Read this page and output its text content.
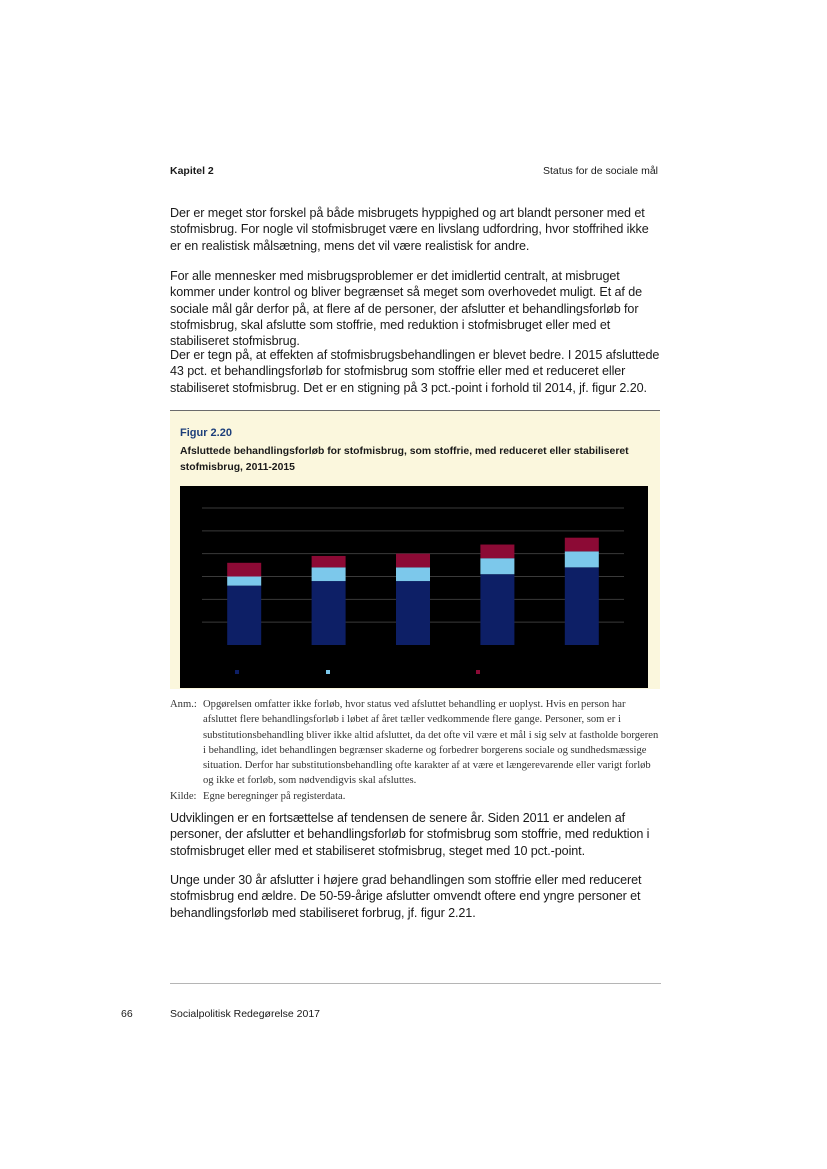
Kapitel 2	Status for de sociale mål

Der er meget stor forskel på både misbrugets hyppighed og art blandt personer med et stofmisbrug. For nogle vil stofmisbruget være en livslang udfordring, hvor stoffrihed ikke er en realistisk målsætning, mens det vil være realistisk for andre.

For alle mennesker med misbrugsproblemer er det imidlertid centralt, at misbruget kommer under kontrol og bliver begrænset så meget som overhovedet muligt. Et af de sociale mål går derfor på, at flere af de personer, der afslutter et behandlingsforløb for stofmisbrug, skal afslutte som stoffrie, med reduktion i stofmisbruget eller med et stabiliseret stofmisbrug.

Der er tegn på, at effekten af stofmisbrugsbehandlingen er blevet bedre. I 2015 afsluttede 43 pct. et behandlingsforløb for stofmisbrug som stoffrie eller med et reduceret eller stabiliseret stofmisbrug. Det er en stigning på 3 pct.-point i forhold til 2014, jf. figur 2.20.

Figur 2.20
Afsluttede behandlingsforløb for stofmisbrug, som stoffrie, med reduceret eller stabiliseret stofmisbrug, 2011-2015
Anm.: Opgørelsen omfatter ikke forløb, hvor status ved afsluttet behandling er uoplyst. Hvis en person har afsluttet flere behandlingsforløb i løbet af året tæller vedkommende flere gange. Personer, som er i substitutionsbehandling bliver ikke altid afsluttet, da det ofte vil være et mål i sig selv at fastholde borgeren i behandling, idet behandlingen begrænser skaderne og forbedrer borgerens sociale og sundhedsmæssige situation. Derfor har substitutionsbehandling ofte karakter af at være et længerevarende eller varigt forløb og ikke et forløb, som nødvendigvis skal afsluttes.
Kilde: Egne beregninger på registerdata.

Udviklingen er en fortsættelse af tendensen de senere år. Siden 2011 er andelen af personer, der afslutter et behandlingsforløb for stofmisbrug som stoffrie, med reduktion i stofmisbruget eller med et stabiliseret stofmisbrug, steget med 10 pct.-point.

Unge under 30 år afslutter i højere grad behandlingen som stoffrie eller med reduceret stofmisbrug end ældre. De 50-59-årige afslutter omvendt oftere end yngre personer et behandlingsforløb med stabiliseret forbrug, jf. figur 2.21.

66	Socialpolitisk Redegørelse 2017
